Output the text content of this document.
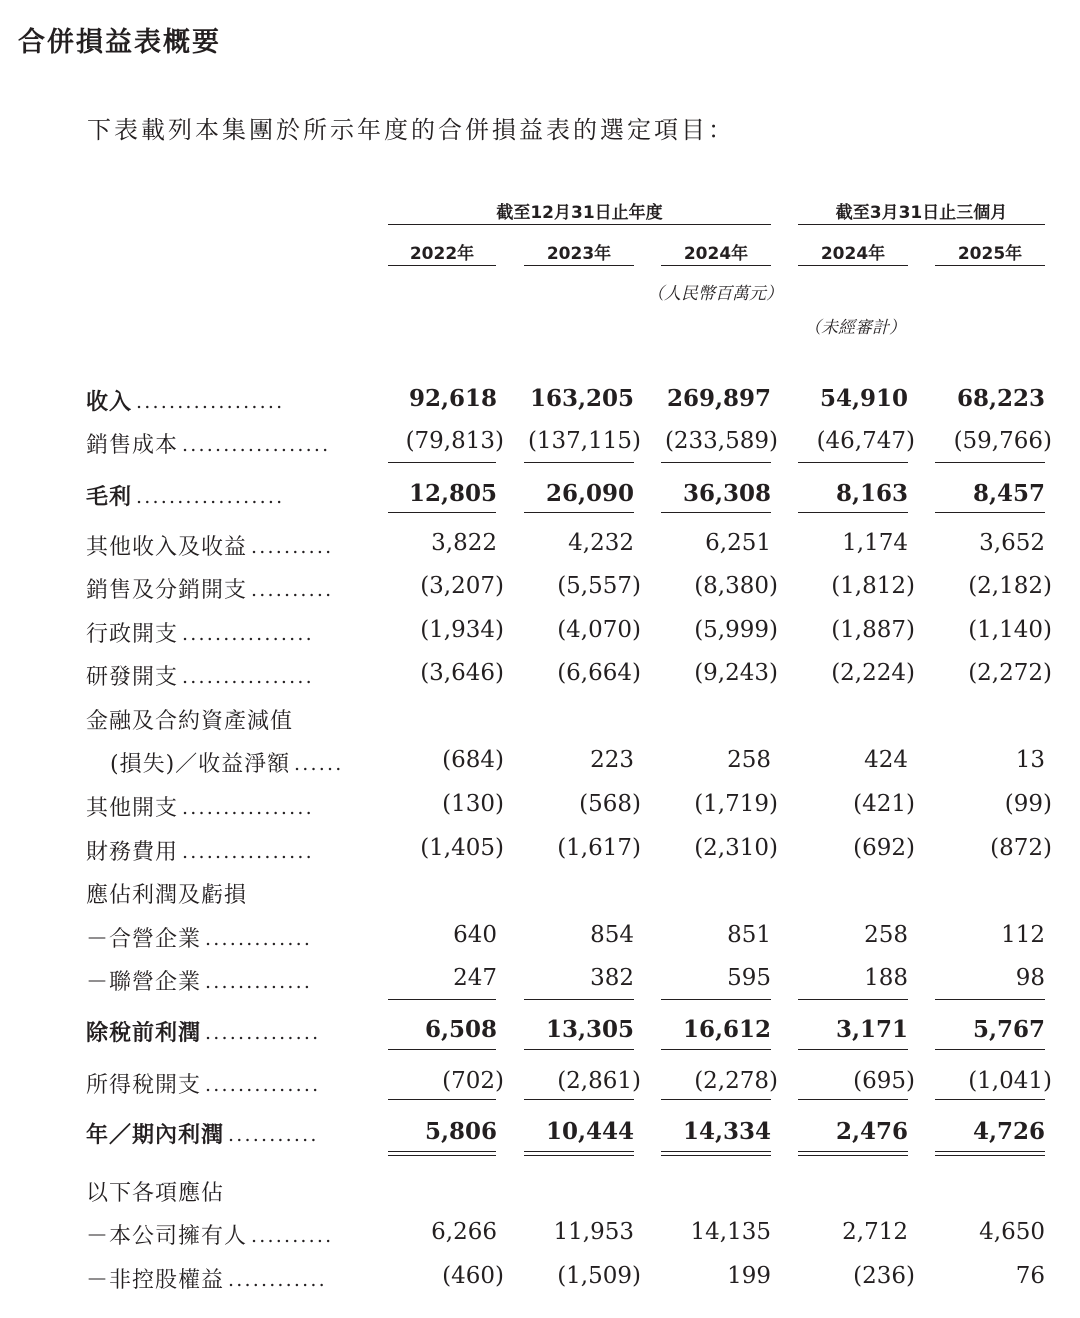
合併損益表概要
下表載列本集團於所示年度的合併損益表的選定項目：
截至12月31日止年度	截至3月31日止三個月
2022年	2023年	2024年	2024年	2025年
（人民幣百萬元）
（未經審計）
收入 ..................	92,618 163,205 269,897 54,910 68,223
銷售成本 ..................	(79,813) (137,115) (233,589) (46,747) (59,766)
毛利 ..................	12,805 26,090 36,308	8,163	8,457
其他收入及收益 ..........	3,822	4,232	6,251	1,174	3,652
銷售及分銷開支 ..........	(3,207) (5,557) (8,380) (1,812) (2,182)
行政開支 ................	(1,934) (4,070) (5,999) (1,887) (1,140)
研發開支 ................	(3,646) (6,664) (9,243) (2,224) (2,272)
金融及合約資產減值
(損失)／收益淨額 ......	(684)	223	258	424	13
其他開支 ................	(130)	(568) (1,719)	(421)	(99)
財務費用 ................	(1,405) (1,617) (2,310)	(692)	(872)
應佔利潤及虧損
－合營企業 .............	640	854	851	258	112
－聯營企業 .............	247	382	595	188	98
除稅前利潤 ..............	6,508 13,305 16,612	3,171	5,767
所得稅開支 ..............	(702) (2,861) (2,278)	(695) (1,041)
年／期內利潤 ...........	5,806 10,444 14,334	2,476	4,726
以下各項應佔
－本公司擁有人 ..........	6,266 11,953 14,135	2,712	4,650
－非控股權益 ............	(460) (1,509)	199	(236)	76
